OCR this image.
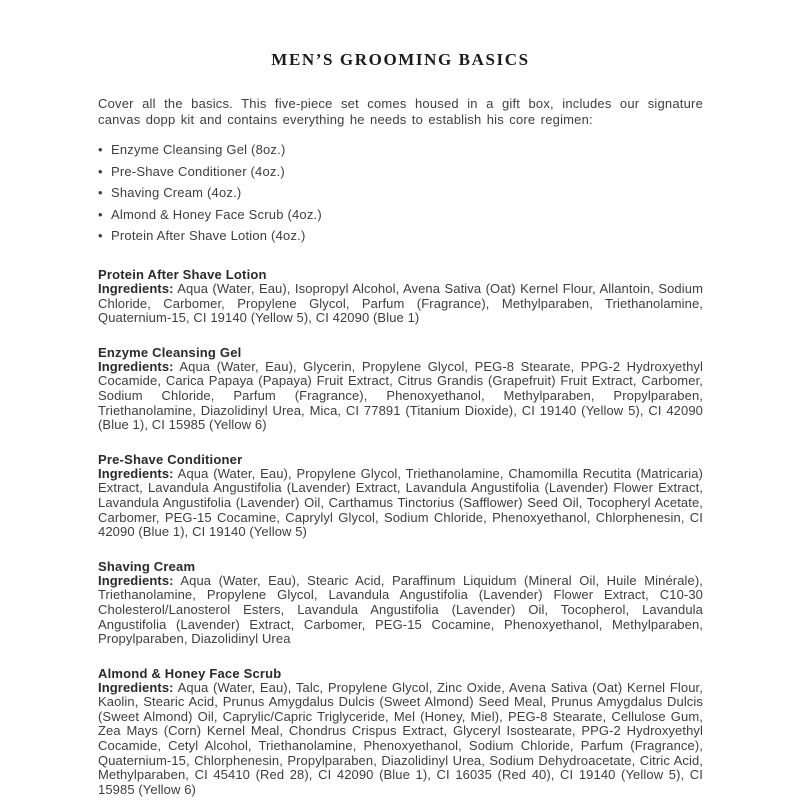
MEN’S GROOMING BASICS

Cover all the basics. This five-piece set comes housed in a gift box, includes our signature canvas dopp kit and contains everything he needs to establish his core regimen:

• Enzyme Cleansing Gel (8oz.)
• Pre-Shave Conditioner (4oz.)
• Shaving Cream (4oz.)
• Almond & Honey Face Scrub (4oz.)
• Protein After Shave Lotion (4oz.)
Protein After Shave Lotion

Ingredients: Aqua (Water, Eau), Isopropyl Alcohol, Avena Sativa (Oat) Kernel Flour, Allantoin, Sodium Chloride, Carbomer, Propylene Glycol, Parfum (Fragrance), Methylparaben, Triethanolamine, Quaternium-15, CI 19140 (Yellow 5), CI 42090 (Blue 1)

Enzyme Cleansing Gel

Ingredients: Aqua (Water, Eau), Glycerin, Propylene Glycol, PEG-8 Stearate, PPG-2 Hydroxyethyl Cocamide, Carica Papaya (Papaya) Fruit Extract, Citrus Grandis (Grapefruit) Fruit Extract, Carbomer, Sodium Chloride, Parfum (Fragrance), Phenoxyethanol, Methylparaben, Propylparaben, Triethanolamine, Diazolidinyl Urea, Mica, CI 77891 (Titanium Dioxide), CI 19140 (Yellow 5), CI 42090 (Blue 1), CI 15985 (Yellow 6)

Pre-Shave Conditioner

Ingredients: Aqua (Water, Eau), Propylene Glycol, Triethanolamine, Chamomilla Recutita (Matricaria) Extract, Lavandula Angustifolia (Lavender) Extract, Lavandula Angustifolia (Lavender) Flower Extract, Lavandula Angustifolia (Lavender) Oil, Carthamus Tinctorius (Safflower) Seed Oil, Tocopheryl Acetate, Carbomer, PEG-15 Cocamine, Caprylyl Glycol, Sodium Chloride, Phenoxyethanol, Chlorphenesin, CI 42090 (Blue 1), CI 19140 (Yellow 5)

Shaving Cream

Ingredients: Aqua (Water, Eau), Stearic Acid, Paraffinum Liquidum (Mineral Oil, Huile Minérale), Triethanolamine, Propylene Glycol, Lavandula Angustifolia (Lavender) Flower Extract, C10-30 Cholesterol/Lanosterol Esters, Lavandula Angustifolia (Lavender) Oil, Tocopherol, Lavandula Angustifolia (Lavender) Extract, Carbomer, PEG-15 Cocamine, Phenoxyethanol, Methylparaben, Propylparaben, Diazolidinyl Urea

Almond & Honey Face Scrub

Ingredients: Aqua (Water, Eau), Talc, Propylene Glycol, Zinc Oxide, Avena Sativa (Oat) Kernel Flour, Kaolin, Stearic Acid, Prunus Amygdalus Dulcis (Sweet Almond) Seed Meal, Prunus Amygdalus Dulcis (Sweet Almond) Oil, Caprylic/Capric Triglyceride, Mel (Honey, Miel), PEG-8 Stearate, Cellulose Gum, Zea Mays (Corn) Kernel Meal, Chondrus Crispus Extract, Glyceryl Isostearate, PPG-2 Hydroxyethyl Cocamide, Cetyl Alcohol, Triethanolamine, Phenoxyethanol, Sodium Chloride, Parfum (Fragrance), Quaternium-15, Chlorphenesin, Propylparaben, Diazolidinyl Urea, Sodium Dehydroacetate, Citric Acid, Methylparaben, CI 45410 (Red 28), CI 42090 (Blue 1), CI 16035 (Red 40), CI 19140 (Yellow 5), CI 15985 (Yellow 6)
